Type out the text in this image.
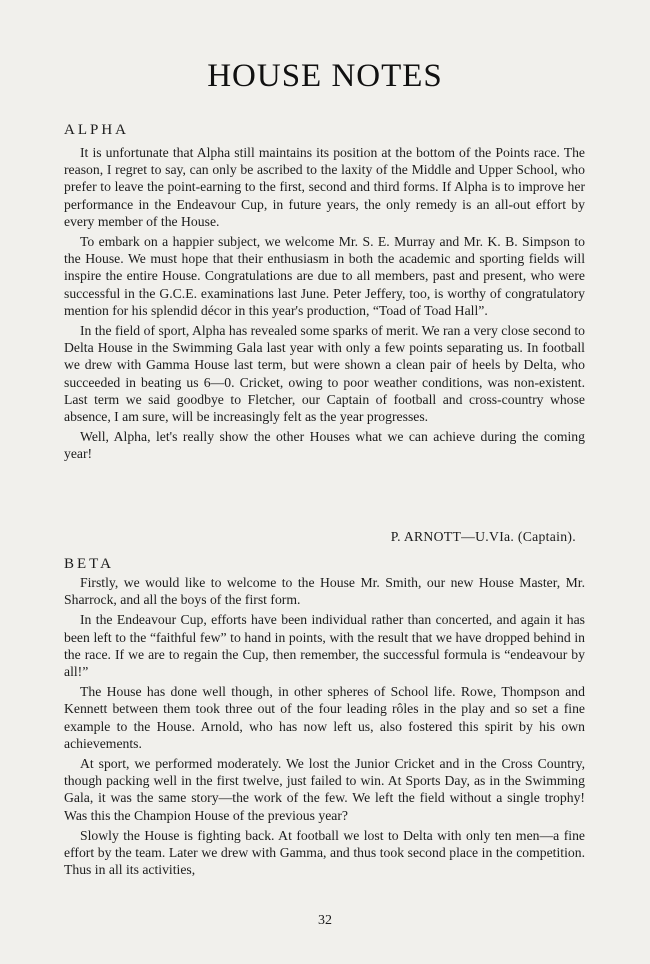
HOUSE NOTES
ALPHA

It is unfortunate that Alpha still maintains its position at the bottom of the Points race. The reason, I regret to say, can only be ascribed to the laxity of the Middle and Upper School, who prefer to leave the point-earning to the first, second and third forms. If Alpha is to improve her performance in the Endeavour Cup, in future years, the only remedy is an all-out effort by every member of the House.

To embark on a happier subject, we welcome Mr. S. E. Murray and Mr. K. B. Simpson to the House. We must hope that their enthusiasm in both the academic and sporting fields will inspire the entire House. Congratulations are due to all members, past and present, who were successful in the G.C.E. examinations last June. Peter Jeffery, too, is worthy of congratulatory mention for his splendid décor in this year's production, “Toad of Toad Hall”.

In the field of sport, Alpha has revealed some sparks of merit. We ran a very close second to Delta House in the Swimming Gala last year with only a few points separating us. In football we drew with Gamma House last term, but were shown a clean pair of heels by Delta, who succeeded in beating us 6—0. Cricket, owing to poor weather conditions, was non-existent. Last term we said goodbye to Fletcher, our Captain of football and cross-country whose absence, I am sure, will be increasingly felt as the year progresses.

Well, Alpha, let's really show the other Houses what we can achieve during the coming year!

P. ARNOTT—U.VIa. (Captain).
BETA

Firstly, we would like to welcome to the House Mr. Smith, our new House Master, Mr. Sharrock, and all the boys of the first form.

In the Endeavour Cup, efforts have been individual rather than concerted, and again it has been left to the “faithful few” to hand in points, with the result that we have dropped behind in the race. If we are to regain the Cup, then remember, the successful formula is “endeavour by all!”

The House has done well though, in other spheres of School life. Rowe, Thompson and Kennett between them took three out of the four leading rôles in the play and so set a fine example to the House. Arnold, who has now left us, also fostered this spirit by his own achievements.

At sport, we performed moderately. We lost the Junior Cricket and in the Cross Country, though packing well in the first twelve, just failed to win. At Sports Day, as in the Swimming Gala, it was the same story—the work of the few. We left the field without a single trophy! Was this the Champion House of the previous year?

Slowly the House is fighting back. At football we lost to Delta with only ten men—a fine effort by the team. Later we drew with Gamma, and thus took second place in the competition. Thus in all its activities,

32
